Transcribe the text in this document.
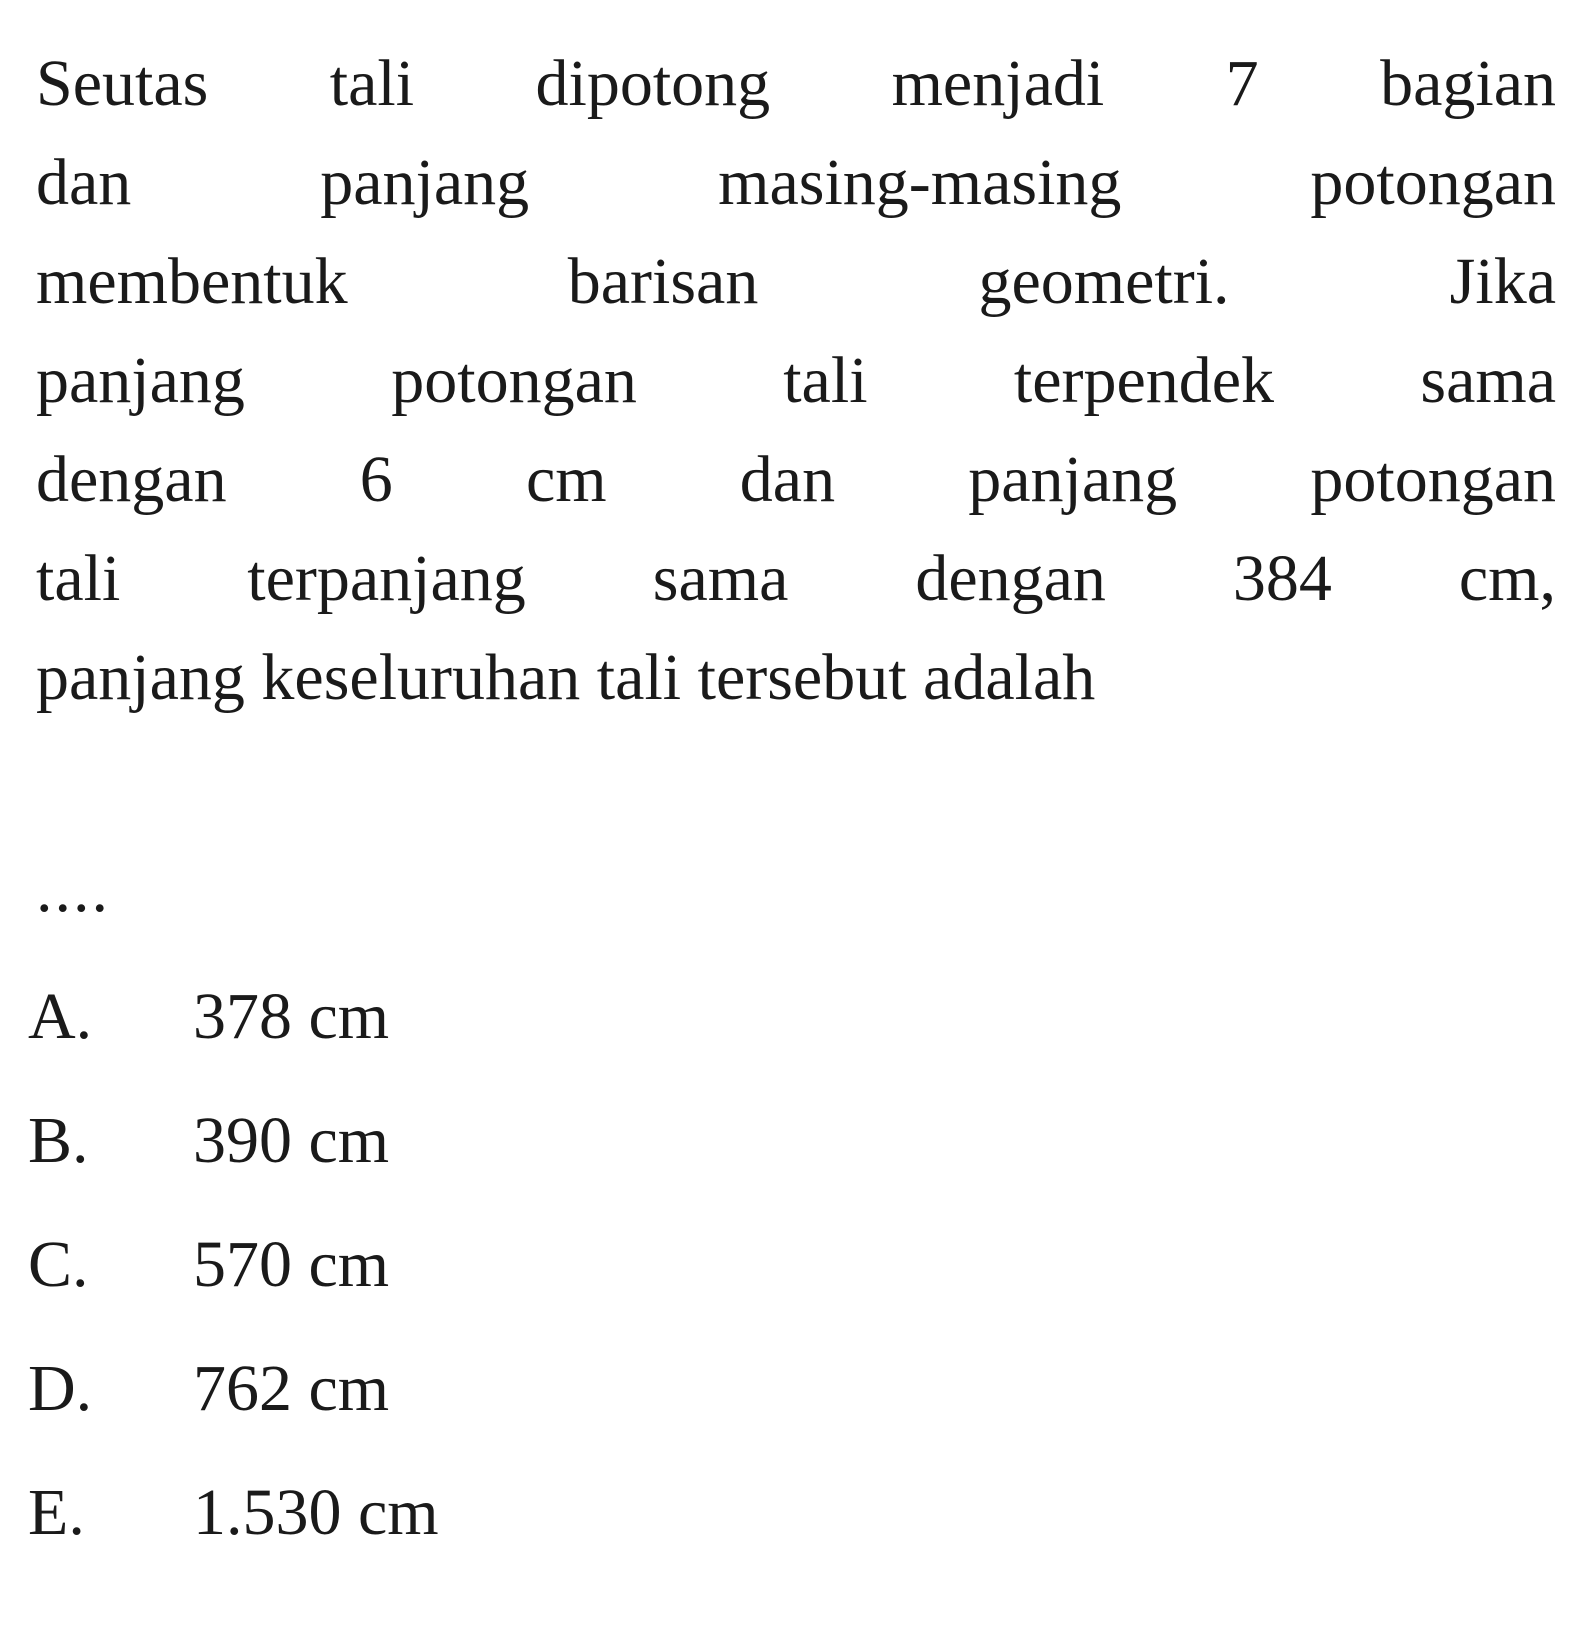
Seutas tali dipotong menjadi 7 bagian
dan panjang masing-masing potongan
membentuk barisan geometri. Jika
panjang potongan tali terpendek sama
dengan 6 cm dan panjang potongan
tali terpanjang sama dengan 384 cm,
panjang keseluruhan tali tersebut adalah
....
A. 378 cm
B. 390 cm
C. 570 cm
D. 762 cm
E. 1.530 cm
